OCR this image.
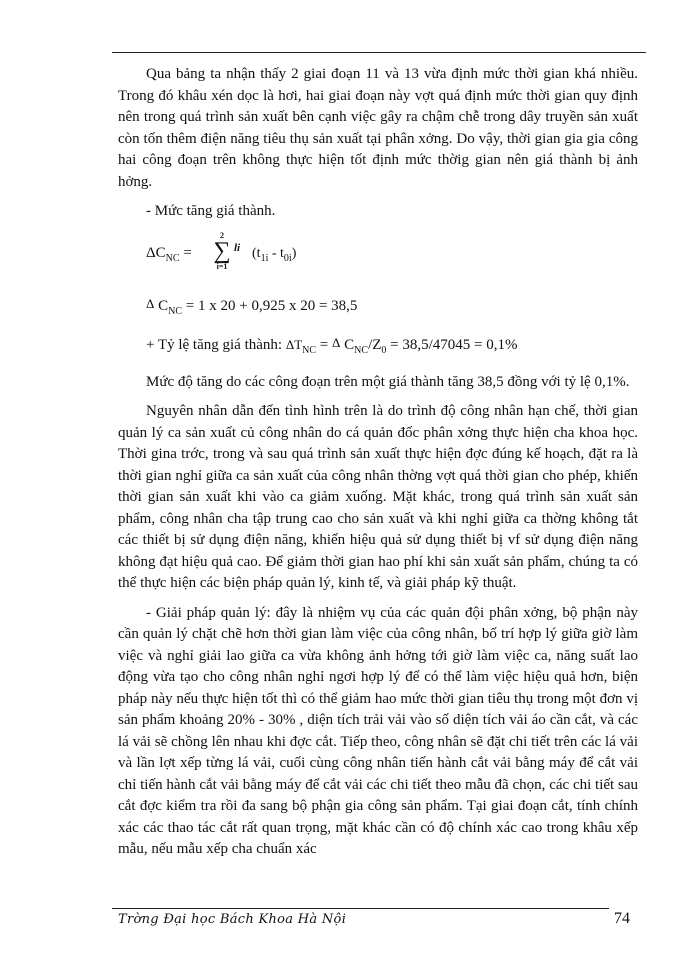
Qua bảng ta nhận thấy 2 giai đoạn 11 và 13 vừa định mức thời gian khá nhiều. Trong đó khâu xén dọc là hơi, hai giai đoạn này vợt quá định mức thời gian quy định nên trong quá trình sản xuất bên cạnh việc gây ra chậm chễ trong dây truyền sản xuất còn tốn thêm điện năng tiêu thụ sản xuất tại phân xởng. Do vậy, thời gian gia gia công hai công đoạn trên không thực hiện tốt định mức thờig gian nên giá thành bị ảnh hởng.

- Mức tăng giá thành.
$\Delta C_{NC}$ =
2
∑
i=1
li $(t_{1i} - t_{0i})$
Δ $C_{NC} = 1$ x 20 + 0,925 x 20 = 38,5
+ Tỷ lệ tăng giá thành: $\Delta T_{NC} = \Delta$ $C_{NC}/Z_0 = 38,5/47045 = 0,1\%$

Mức độ tăng do các công đoạn trên một giá thành tăng 38,5 đồng với tỷ lệ 0,1%.

Nguyên nhân dẫn đến tình hình trên là do trình độ công nhân hạn chế, thời gian quản lý ca sản xuất củ công nhân do cá quản đốc phân xởng thực hiện cha khoa học. Thời gina trớc, trong và sau quá trình sản xuất thực hiện đợc đúng kế hoạch, đặt ra là thời gian nghỉ giữa ca sản xuất của công nhân thờng vợt quá thời gian cho phép, khiến thời gian sản xuất khi vào ca giảm xuống. Mặt khác, trong quá trình sản xuất sản phẩm, công nhân cha tập trung cao cho sản xuất và khi nghỉ giữa ca thờng không tắt các thiết bị sử dụng điện năng, khiến hiệu quả sử dụng thiết bị vf sử dụng điện năng không đạt hiệu quả cao. Để giảm thời gian hao phí khi sản xuất sản phẩm, chúng ta có thể thực hiện các biện pháp quản lý, kinh tế, và giải pháp kỹ thuật.

- Giải pháp quản lý: đây là nhiệm vụ của các quản đội phân xởng, bộ phận này cần quản lý chặt chẽ hơn thời gian làm việc của công nhân, bố trí hợp lý giữa giờ làm việc và nghỉ giải lao giữa ca vừa không ảnh hởng tới giờ làm việc ca, năng suất lao động vừa tạo cho công nhân nghỉ ngơi hợp lý để có thể làm việc hiệu quả hơn, biện pháp này nếu thực hiện tốt thì có thể giảm hao mức thời gian tiêu thụ trong một đơn vị sản phẩm khoảng 20% - 30% , diện tích trải vải vào số diện tích vải áo cần cắt, và các lá vải sẽ chồng lên nhau khi đợc cắt. Tiếp theo, công nhân sẽ đặt chi tiết trên các lá vải và lần lợt xếp từng lá vải, cuối cùng công nhân tiến hành cắt vải bằng máy để cắt vải chỉ tiến hành cắt vải bằng máy để cắt vải các chi tiết theo mẫu đã chọn, các chi tiết sau cắt đợc kiểm tra rồi đa sang bộ phận gia công sản phẩm. Tại giai đoạn cắt, tính chính xác các thao tác cắt rất quan trọng, mặt khác cần có độ chính xác cao trong khâu xếp mẫu, nếu mẫu xếp cha chuẩn xác

Trờng Đại học Bách Khoa Hà Nội	74
